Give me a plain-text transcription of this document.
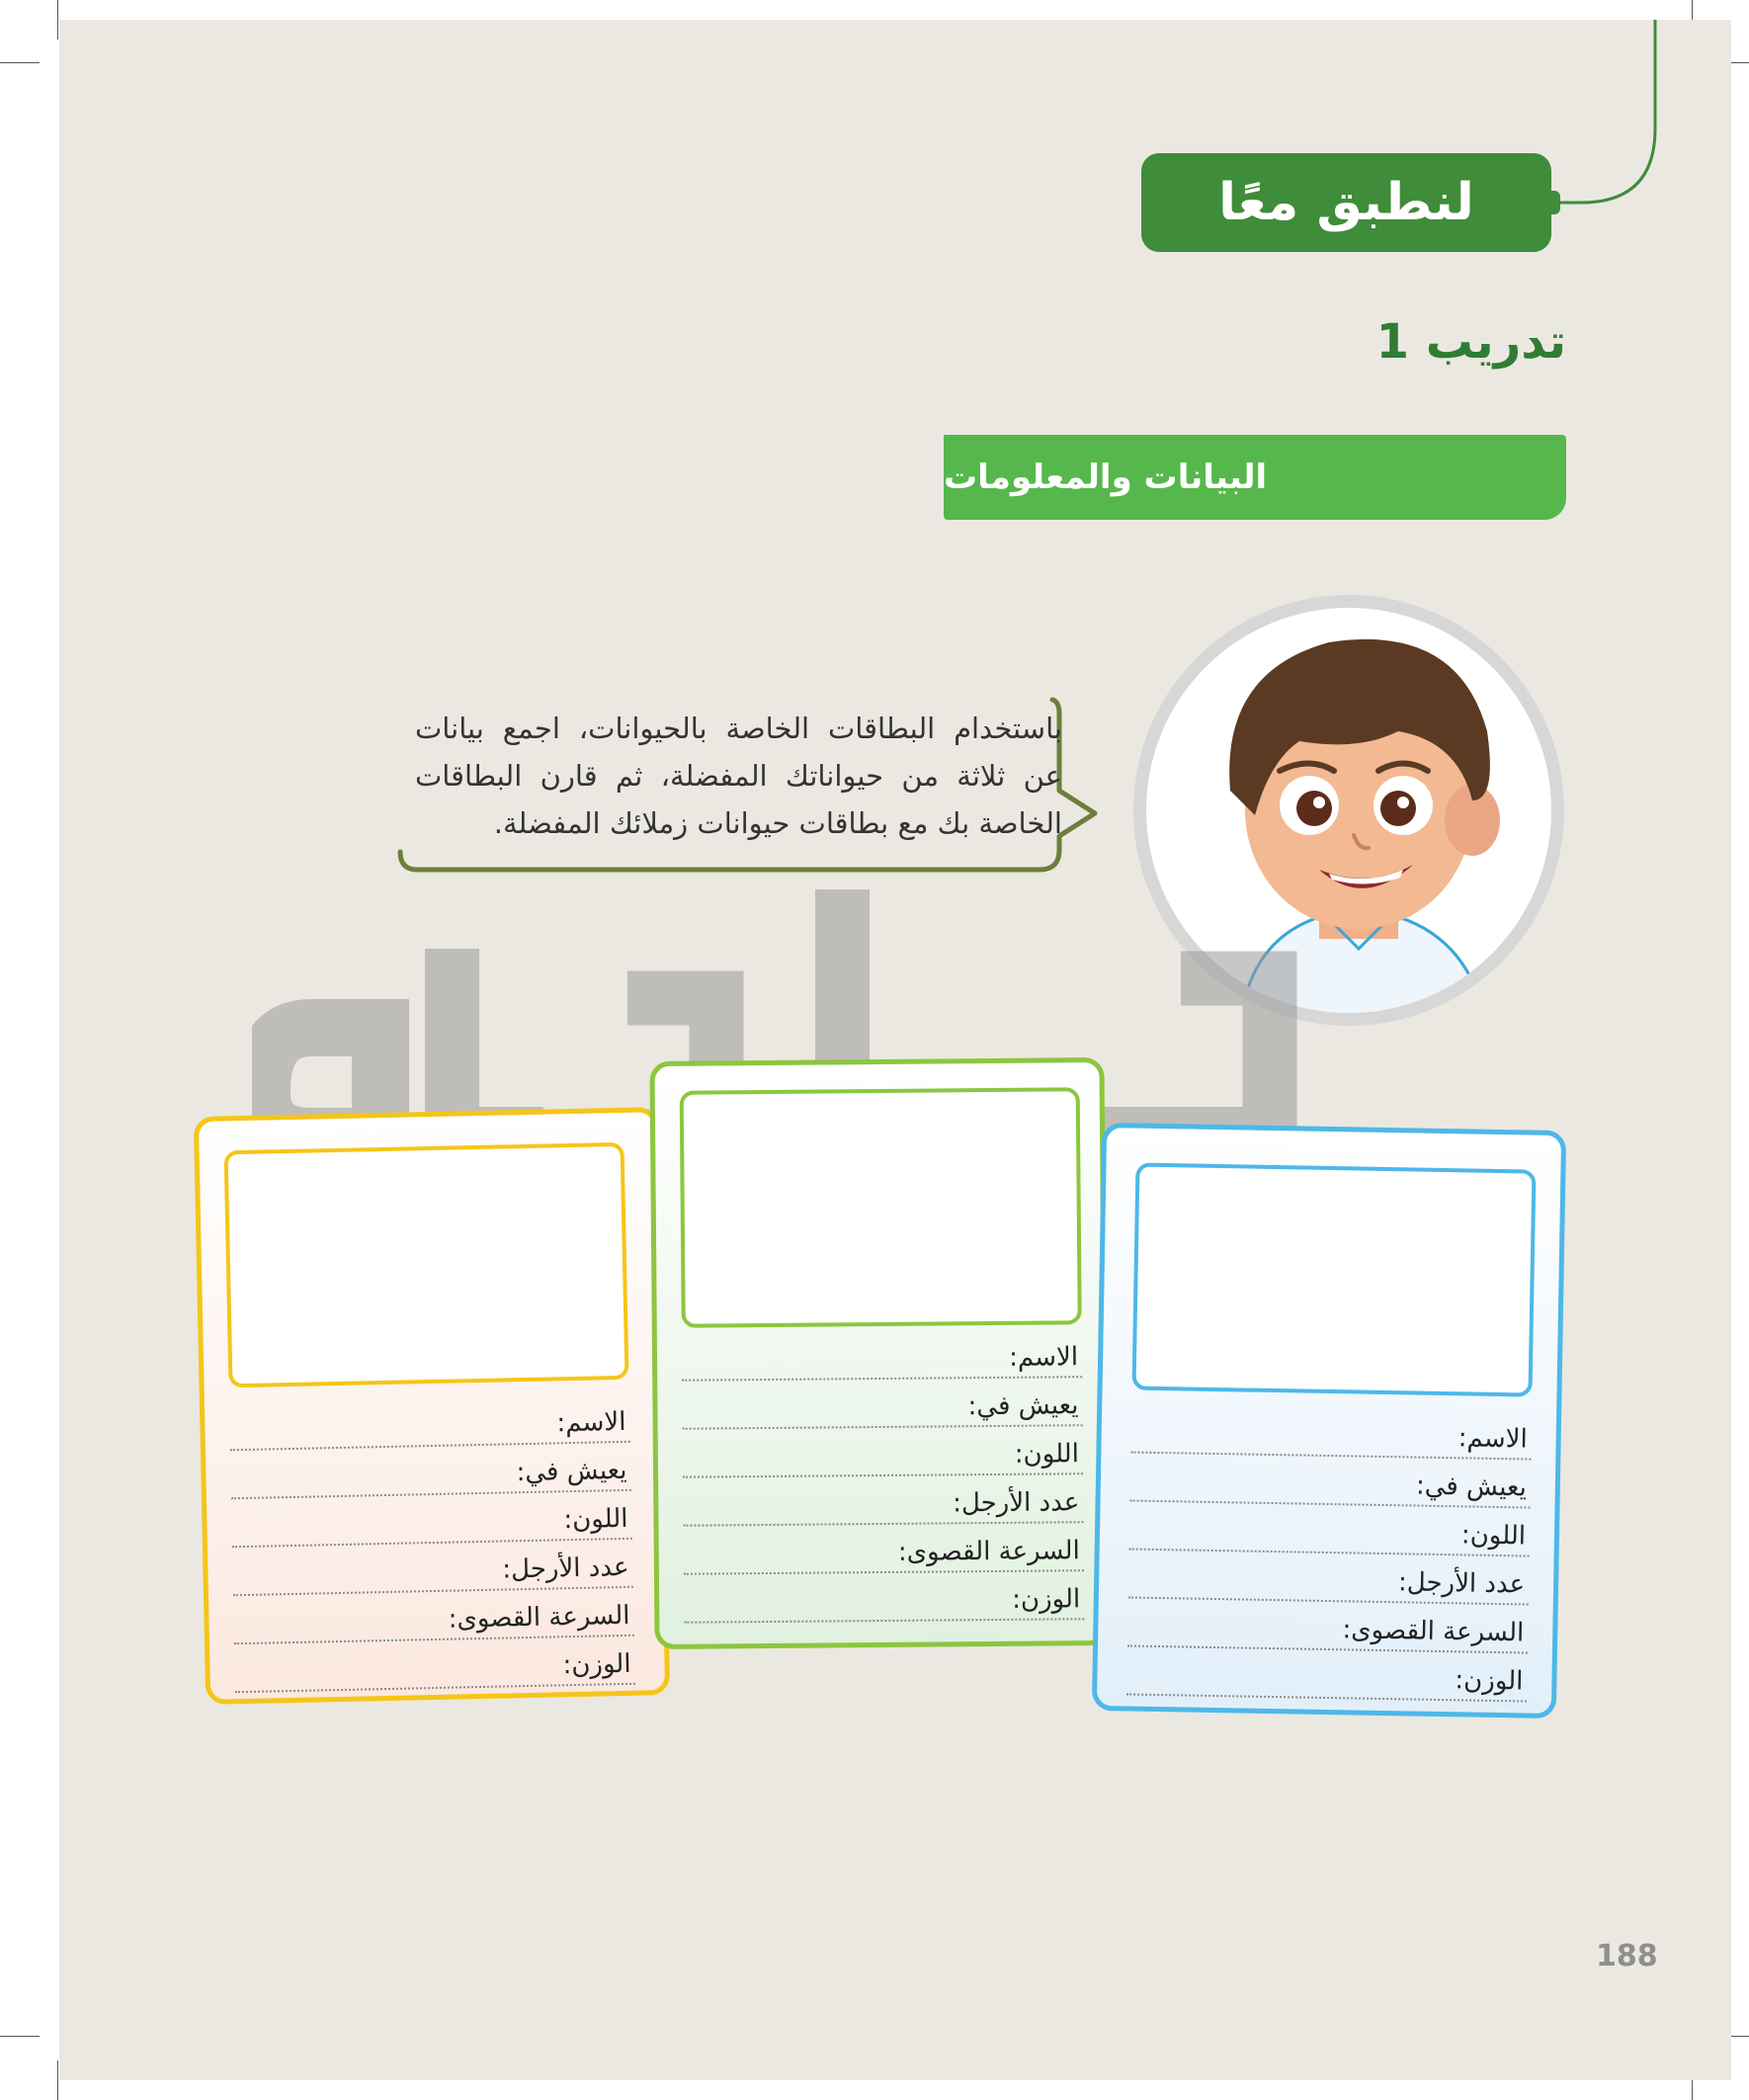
لنطبق معًا
تدريب 1
البيانات والمعلومات
باستخدام البطاقات الخاصة بالحيوانات، اجمع بيانات عن ثلاثة من حيواناتك المفضلة، ثم قارن البطاقات الخاصة بك مع بطاقات حيوانات زملائك المفضلة.
الاسم:
يعيش في:
اللون:
عدد الأرجل:
السرعة القصوى:
الوزن:
الاسم:
يعيش في:
اللون:
عدد الأرجل:
السرعة القصوى:
الوزن:
الاسم:
يعيش في:
اللون:
عدد الأرجل:
السرعة القصوى:
الوزن:
188
